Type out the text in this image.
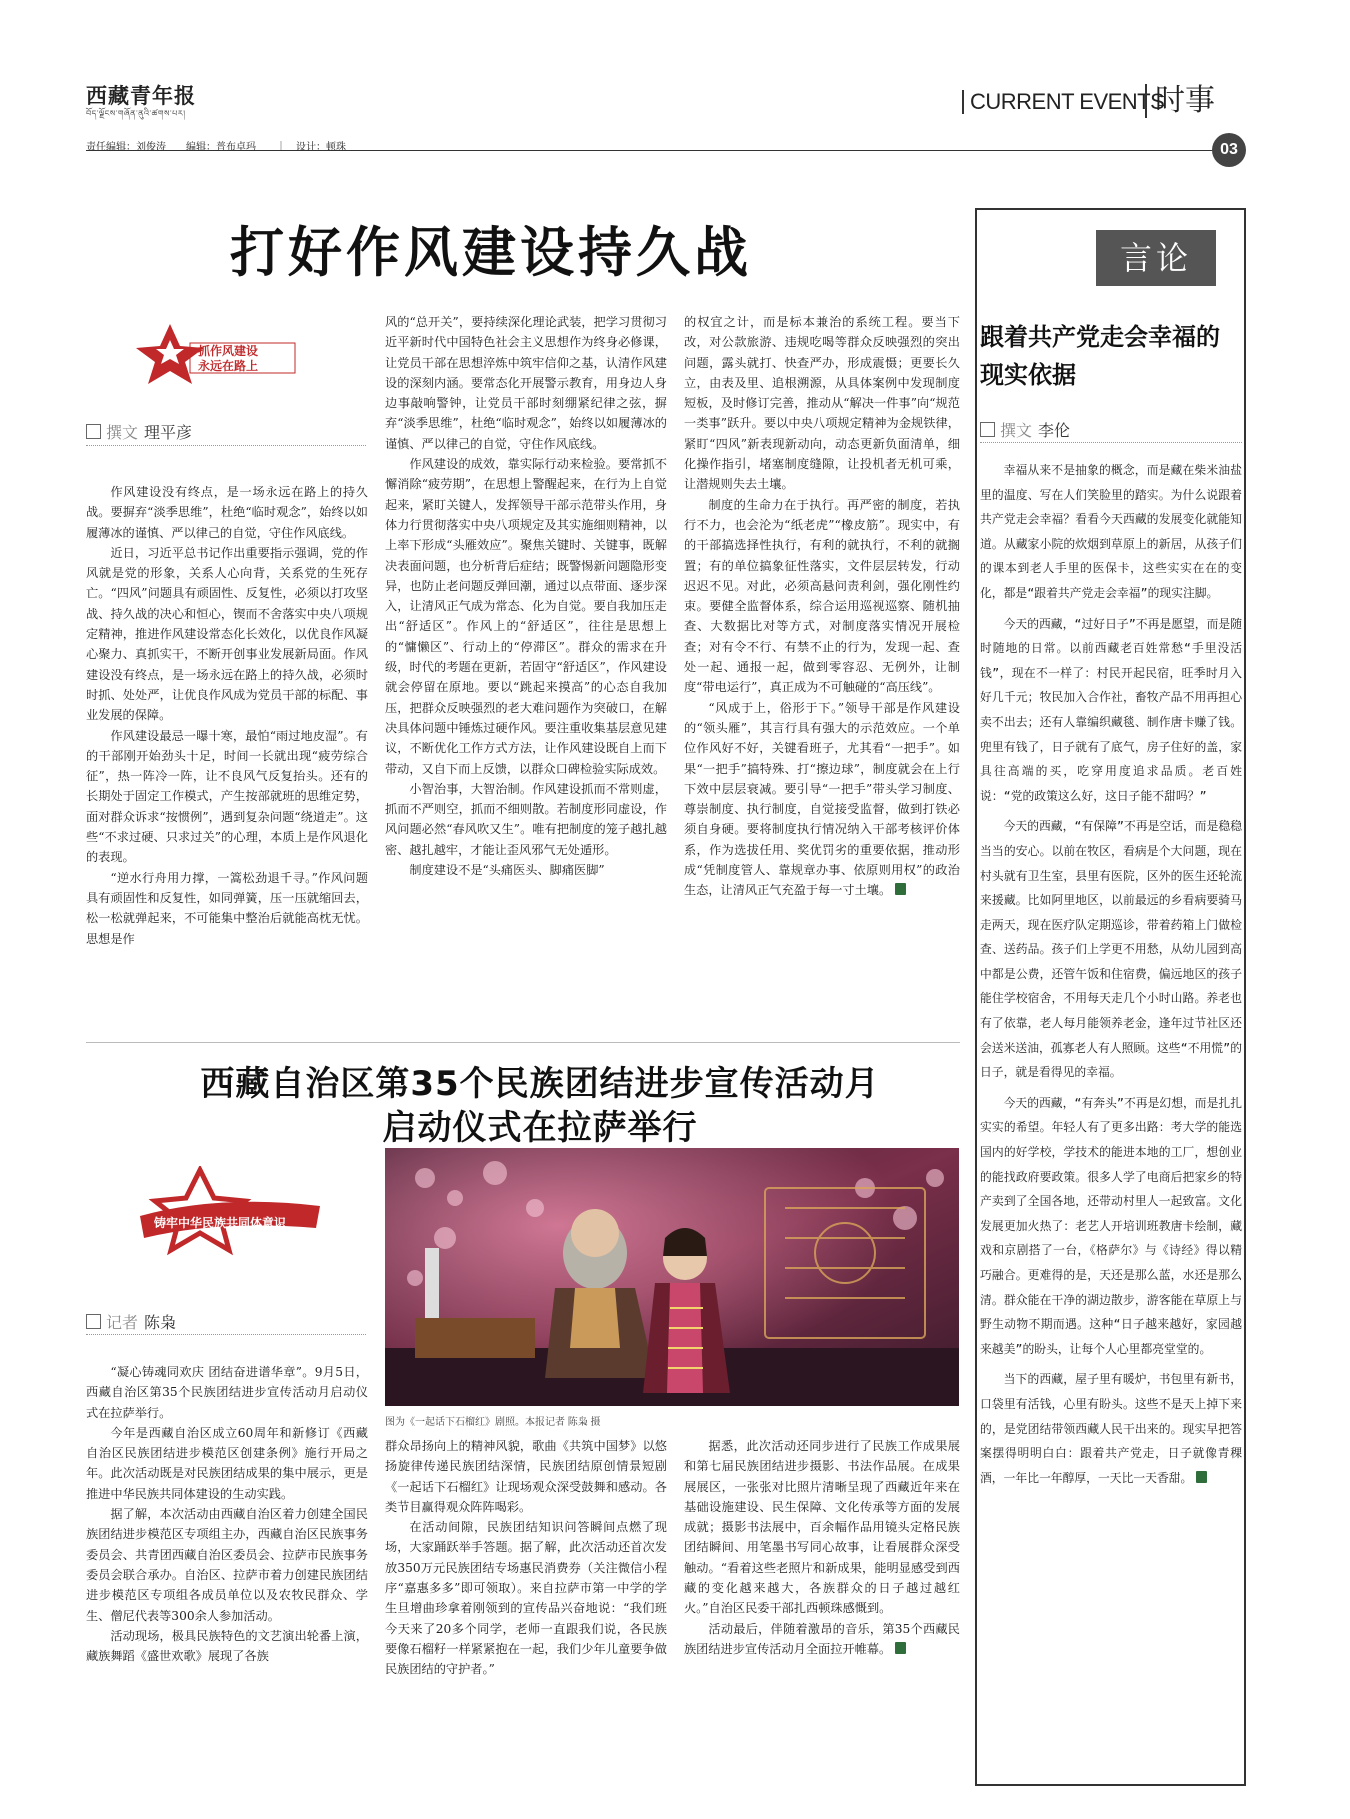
西藏青年报
བོད་ལྗོངས་གཞོན་ནུའི་ཚགས་པར།	CURRENT EVENTS
时事
责任编辑：刘俊涛　　编辑：普布卓玛　　｜　设计：顿珠	03
打好作风建设持久战
抓作风建设
永远在路上
撰文 理平彦

作风建设没有终点，是一场永远在路上的持久战。要摒弃“淡季思维”，杜绝“临时观念”，始终以如履薄冰的谨慎、严以律己的自觉，守住作风底线。

近日，习近平总书记作出重要指示强调，党的作风就是党的形象，关系人心向背，关系党的生死存亡。“四风”问题具有顽固性、反复性，必须以打攻坚战、持久战的决心和恒心，锲而不舍落实中央八项规定精神，推进作风建设常态化长效化，以优良作风凝心聚力、真抓实干，不断开创事业发展新局面。作风建设没有终点，是一场永远在路上的持久战，必须时时抓、处处严，让优良作风成为党员干部的标配、事业发展的保障。

作风建设最忌一曝十寒，最怕“雨过地皮湿”。有的干部刚开始劲头十足，时间一长就出现“疲劳综合征”，热一阵冷一阵，让不良风气反复抬头。还有的长期处于固定工作模式，产生按部就班的思维定势，面对群众诉求“按惯例”，遇到复杂问题“绕道走”。这些“不求过硬、只求过关”的心理，本质上是作风退化的表现。

“逆水行舟用力撑，一篙松劲退千寻。”作风问题具有顽固性和反复性，如同弹簧，压一压就缩回去，松一松就弹起来，不可能集中整治后就能高枕无忧。思想是作

风的“总开关”，要持续深化理论武装，把学习贯彻习近平新时代中国特色社会主义思想作为终身必修课，让党员干部在思想淬炼中筑牢信仰之基，认清作风建设的深刻内涵。要常态化开展警示教育，用身边人身边事敲响警钟，让党员干部时刻绷紧纪律之弦，摒弃“淡季思维”，杜绝“临时观念”，始终以如履薄冰的谨慎、严以律己的自觉，守住作风底线。

作风建设的成效，靠实际行动来检验。要常抓不懈消除“疲劳期”，在思想上警醒起来，在行为上自觉起来，紧盯关键人，发挥领导干部示范带头作用，身体力行贯彻落实中央八项规定及其实施细则精神，以上率下形成“头雁效应”。聚焦关键时、关键事，既解决表面问题，也分析背后症结；既警惕新问题隐形变异，也防止老问题反弹回潮，通过以点带面、逐步深入，让清风正气成为常态、化为自觉。要自我加压走出“舒适区”。作风上的“舒适区”，往往是思想上的“慵懒区”、行动上的“停滞区”。群众的需求在升级，时代的考题在更新，若固守“舒适区”，作风建设就会停留在原地。要以“跳起来摸高”的心态自我加压，把群众反映强烈的老大难问题作为突破口，在解决具体问题中锤炼过硬作风。要注重收集基层意见建议，不断优化工作方式方法，让作风建设既自上而下带动，又自下而上反馈，以群众口碑检验实际成效。

小智治事，大智治制。作风建设抓而不常则虚，抓而不严则空，抓而不细则散。若制度形同虚设，作风问题必然“春风吹又生”。唯有把制度的笼子越扎越密、越扎越牢，才能让歪风邪气无处遁形。

制度建设不是“头痛医头、脚痛医脚”

的权宜之计，而是标本兼治的系统工程。要当下改，对公款旅游、违规吃喝等群众反映强烈的突出问题，露头就打、快查严办，形成震慑；更要长久立，由表及里、追根溯源，从具体案例中发现制度短板，及时修订完善，推动从“解决一件事”向“规范一类事”跃升。要以中央八项规定精神为金规铁律，紧盯“四风”新表现新动向，动态更新负面清单，细化操作指引，堵塞制度缝隙，让投机者无机可乘，让潜规则失去土壤。

制度的生命力在于执行。再严密的制度，若执行不力，也会沦为“纸老虎”“橡皮筋”。现实中，有的干部搞选择性执行，有利的就执行，不利的就搁置；有的单位搞象征性落实，文件层层转发，行动迟迟不见。对此，必须高悬问责利剑，强化刚性约束。要健全监督体系，综合运用巡视巡察、随机抽查、大数据比对等方式，对制度落实情况开展检查；对有令不行、有禁不止的行为，发现一起、查处一起、通报一起，做到零容忍、无例外，让制度“带电运行”，真正成为不可触碰的“高压线”。

“风成于上，俗形于下。”领导干部是作风建设的“领头雁”，其言行具有强大的示范效应。一个单位作风好不好，关键看班子，尤其看“一把手”。如果“一把手”搞特殊、打“擦边球”，制度就会在上行下效中层层衰减。要引导“一把手”带头学习制度、尊崇制度、执行制度，自觉接受监督，做到打铁必须自身硬。要将制度执行情况纳入干部考核评价体系，作为选拔任用、奖优罚劣的重要依据，推动形成“凭制度管人、靠规章办事、依原则用权”的政治生态，让清风正气充盈于每一寸土壤。

西藏自治区第35个民族团结进步宣传活动月
启动仪式在拉萨举行
铸牢中华民族共同体意识
记者 陈枭

“凝心铸魂同欢庆 团结奋进谱华章”。9月5日，西藏自治区第35个民族团结进步宣传活动月启动仪式在拉萨举行。

今年是西藏自治区成立60周年和新修订《西藏自治区民族团结进步模范区创建条例》施行开局之年。此次活动既是对民族团结成果的集中展示，更是推进中华民族共同体建设的生动实践。

据了解，本次活动由西藏自治区着力创建全国民族团结进步模范区专项组主办，西藏自治区民族事务委员会、共青团西藏自治区委员会、拉萨市民族事务委员会联合承办。自治区、拉萨市着力创建民族团结进步模范区专项组各成员单位以及农牧民群众、学生、僧尼代表等300余人参加活动。

活动现场，极具民族特色的文艺演出轮番上演，藏族舞蹈《盛世欢歌》展现了各族

图为《一起话下石榴红》剧照。本报记者 陈枭 摄

群众昂扬向上的精神风貌，歌曲《共筑中国梦》以悠扬旋律传递民族团结深情，民族团结原创情景短剧《一起话下石榴红》让现场观众深受鼓舞和感动。各类节目赢得观众阵阵喝彩。

在活动间隙，民族团结知识问答瞬间点燃了现场，大家踊跃举手答题。据了解，此次活动还首次发放350万元民族团结专场惠民消费券（关注微信小程序“嘉惠多多”即可领取）。来自拉萨市第一中学的学生旦增曲珍拿着刚领到的宣传品兴奋地说：“我们班今天来了20多个同学，老师一直跟我们说，各民族要像石榴籽一样紧紧抱在一起，我们少年儿童要争做民族团结的守护者。”

据悉，此次活动还同步进行了民族工作成果展和第七届民族团结进步摄影、书法作品展。在成果展展区，一张张对比照片清晰呈现了西藏近年来在基础设施建设、民生保障、文化传承等方面的发展成就；摄影书法展中，百余幅作品用镜头定格民族团结瞬间、用笔墨书写同心故事，让看展群众深受触动。“看着这些老照片和新成果，能明显感受到西藏的变化越来越大，各族群众的日子越过越红火。”自治区民委干部扎西顿珠感慨到。

活动最后，伴随着激昂的音乐，第35个西藏民族团结进步宣传活动月全面拉开帷幕。

言论
跟着共产党走会幸福的现实依据
撰文 李伦

幸福从来不是抽象的概念，而是藏在柴米油盐里的温度、写在人们笑脸里的踏实。为什么说跟着共产党走会幸福？看看今天西藏的发展变化就能知道。从藏家小院的炊烟到草原上的新居，从孩子们的课本到老人手里的医保卡，这些实实在在的变化，都是“跟着共产党走会幸福”的现实注脚。

今天的西藏，“过好日子”不再是愿望，而是随时随地的日常。以前西藏老百姓常愁“手里没活钱”，现在不一样了：村民开起民宿，旺季时月入好几千元；牧民加入合作社，畜牧产品不用再担心卖不出去；还有人靠编织藏毯、制作唐卡赚了钱。兜里有钱了，日子就有了底气，房子住好的盖，家具往高端的买，吃穿用度追求品质。老百姓说：“党的政策这么好，这日子能不甜吗？”

今天的西藏，“有保障”不再是空话，而是稳稳当当的安心。以前在牧区，看病是个大问题，现在村头就有卫生室，县里有医院，区外的医生还轮流来援藏。比如阿里地区，以前最远的乡看病要骑马走两天，现在医疗队定期巡诊，带着药箱上门做检查、送药品。孩子们上学更不用愁，从幼儿园到高中都是公费，还管午饭和住宿费，偏远地区的孩子能住学校宿舍，不用每天走几个小时山路。养老也有了依靠，老人每月能领养老金，逢年过节社区还会送米送油，孤寡老人有人照顾。这些“不用慌”的日子，就是看得见的幸福。

今天的西藏，“有奔头”不再是幻想，而是扎扎实实的希望。年轻人有了更多出路：考大学的能选国内的好学校，学技术的能进本地的工厂，想创业的能找政府要政策。很多人学了电商后把家乡的特产卖到了全国各地，还带动村里人一起致富。文化发展更加火热了：老艺人开培训班教唐卡绘制，藏戏和京剧搭了一台，《格萨尔》与《诗经》得以精巧融合。更难得的是，天还是那么蓝，水还是那么清。群众能在干净的湖边散步，游客能在草原上与野生动物不期而遇。这种“日子越来越好，家园越来越美”的盼头，让每个人心里都亮堂堂的。

当下的西藏，屋子里有暖炉，书包里有新书，口袋里有活钱，心里有盼头。这些不是天上掉下来的，是党团结带领西藏人民干出来的。现实早把答案摆得明明白白：跟着共产党走，日子就像青稞酒，一年比一年醇厚，一天比一天香甜。
